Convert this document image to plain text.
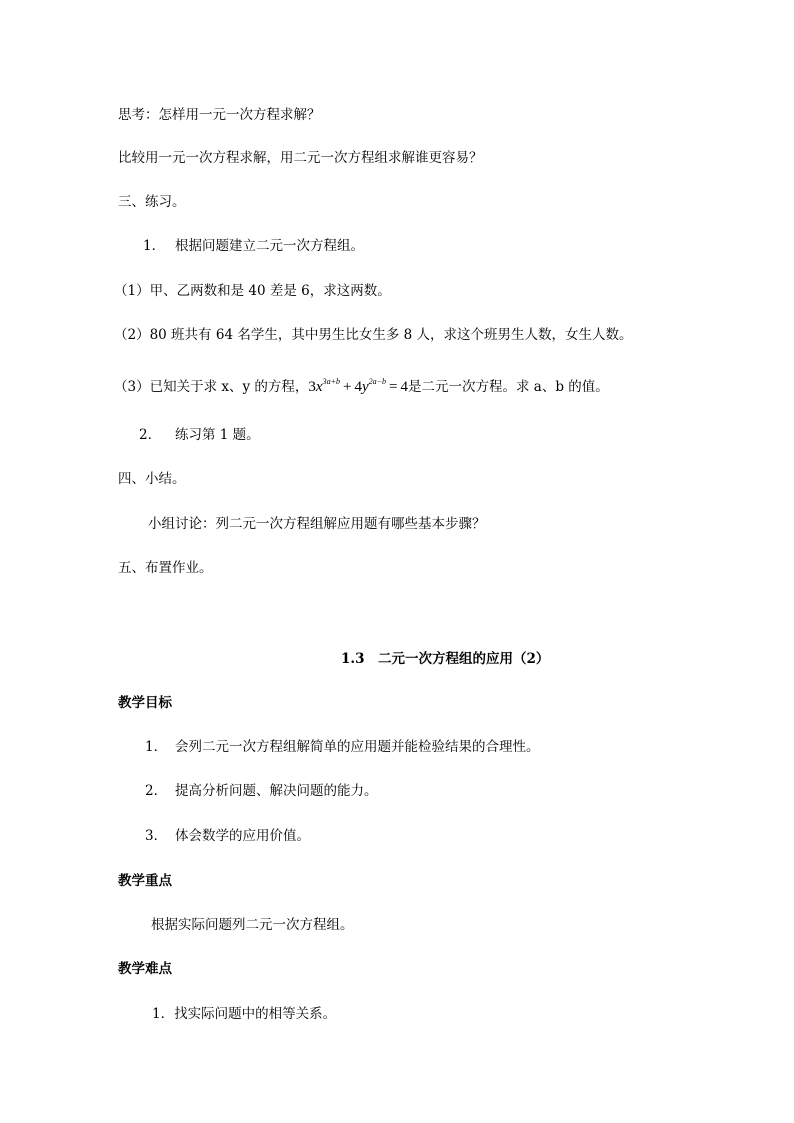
思考：怎样用一元一次方程求解？
比较用一元一次方程求解，用二元一次方程组求解谁更容易？
三、练习。
1． 根据问题建立二元一次方程组。
（1）甲、乙两数和是 40 差是 6，求这两数。
（2）80 班共有 64 名学生，其中男生比女生多 8 人，求这个班男生人数，女生人数。
（3）已知关于求 x、y 的方程，$3x^{3a+b} + 4y^{2a-b} = 4$是二元一次方程。求 a、b 的值。
2． 练习第 1 题。
四、小结。
小组讨论：列二元一次方程组解应用题有哪些基本步骤？
五、布置作业。
1.3　二元一次方程组的应用（2）
教学目标
1． 会列二元一次方程组解简单的应用题并能检验结果的合理性。
2． 提高分析问题、解决问题的能力。
3． 体会数学的应用价值。
教学重点
根据实际问题列二元一次方程组。
教学难点
1．找实际问题中的相等关系。
